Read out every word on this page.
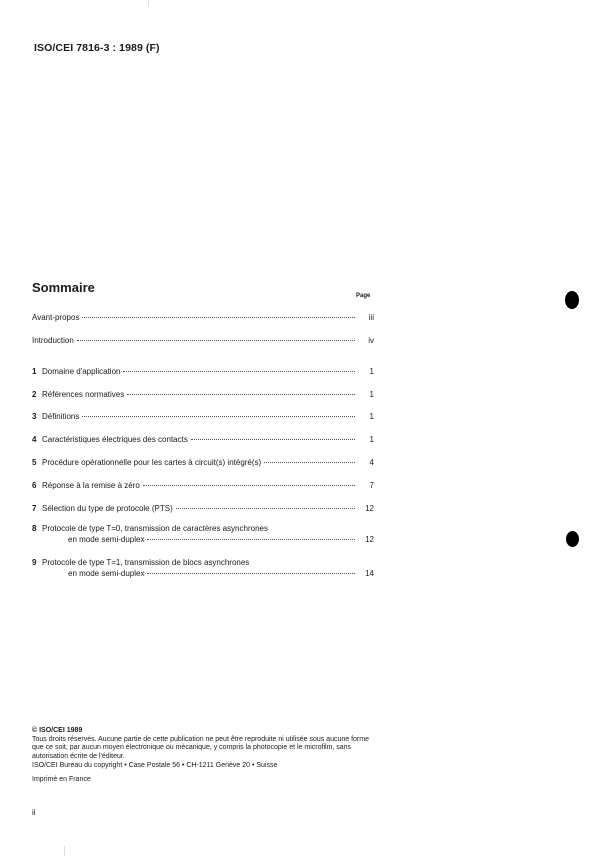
ISO/CEI 7816-3 : 1989 (F)
Sommaire
Page
Avant-propos	iii
Introduction	iv
1 Domaine d'application	1
2 Références normatives	1
3 Définitions	1
4 Caractéristiques électriques des contacts	1
5 Procédure opérationnelle pour les cartes à circuit(s) intégré(s)	4
6 Réponse à la remise à zéro	7
7 Sélection du type de protocole (PTS)	12
8 Protocole de type T=0, transmission de caractères asynchrones
en mode semi-duplex	12
9 Protocole de type T=1, transmission de blocs asynchrones
en mode semi-duplex	14

© ISO/CEI 1989

Tous droits réservés. Aucune partie de cette publication ne peut être reproduite ni utilisée sous aucune forme que ce soit, par aucun moyen électronique ou mécanique, y compris la photocopie et le microfilm, sans autorisation écrite de l'éditeur.

ISO/CEI Bureau du copyright • Case Postale 56 • CH-1211 Genève 20 • Suisse

Imprimé en France

ii
